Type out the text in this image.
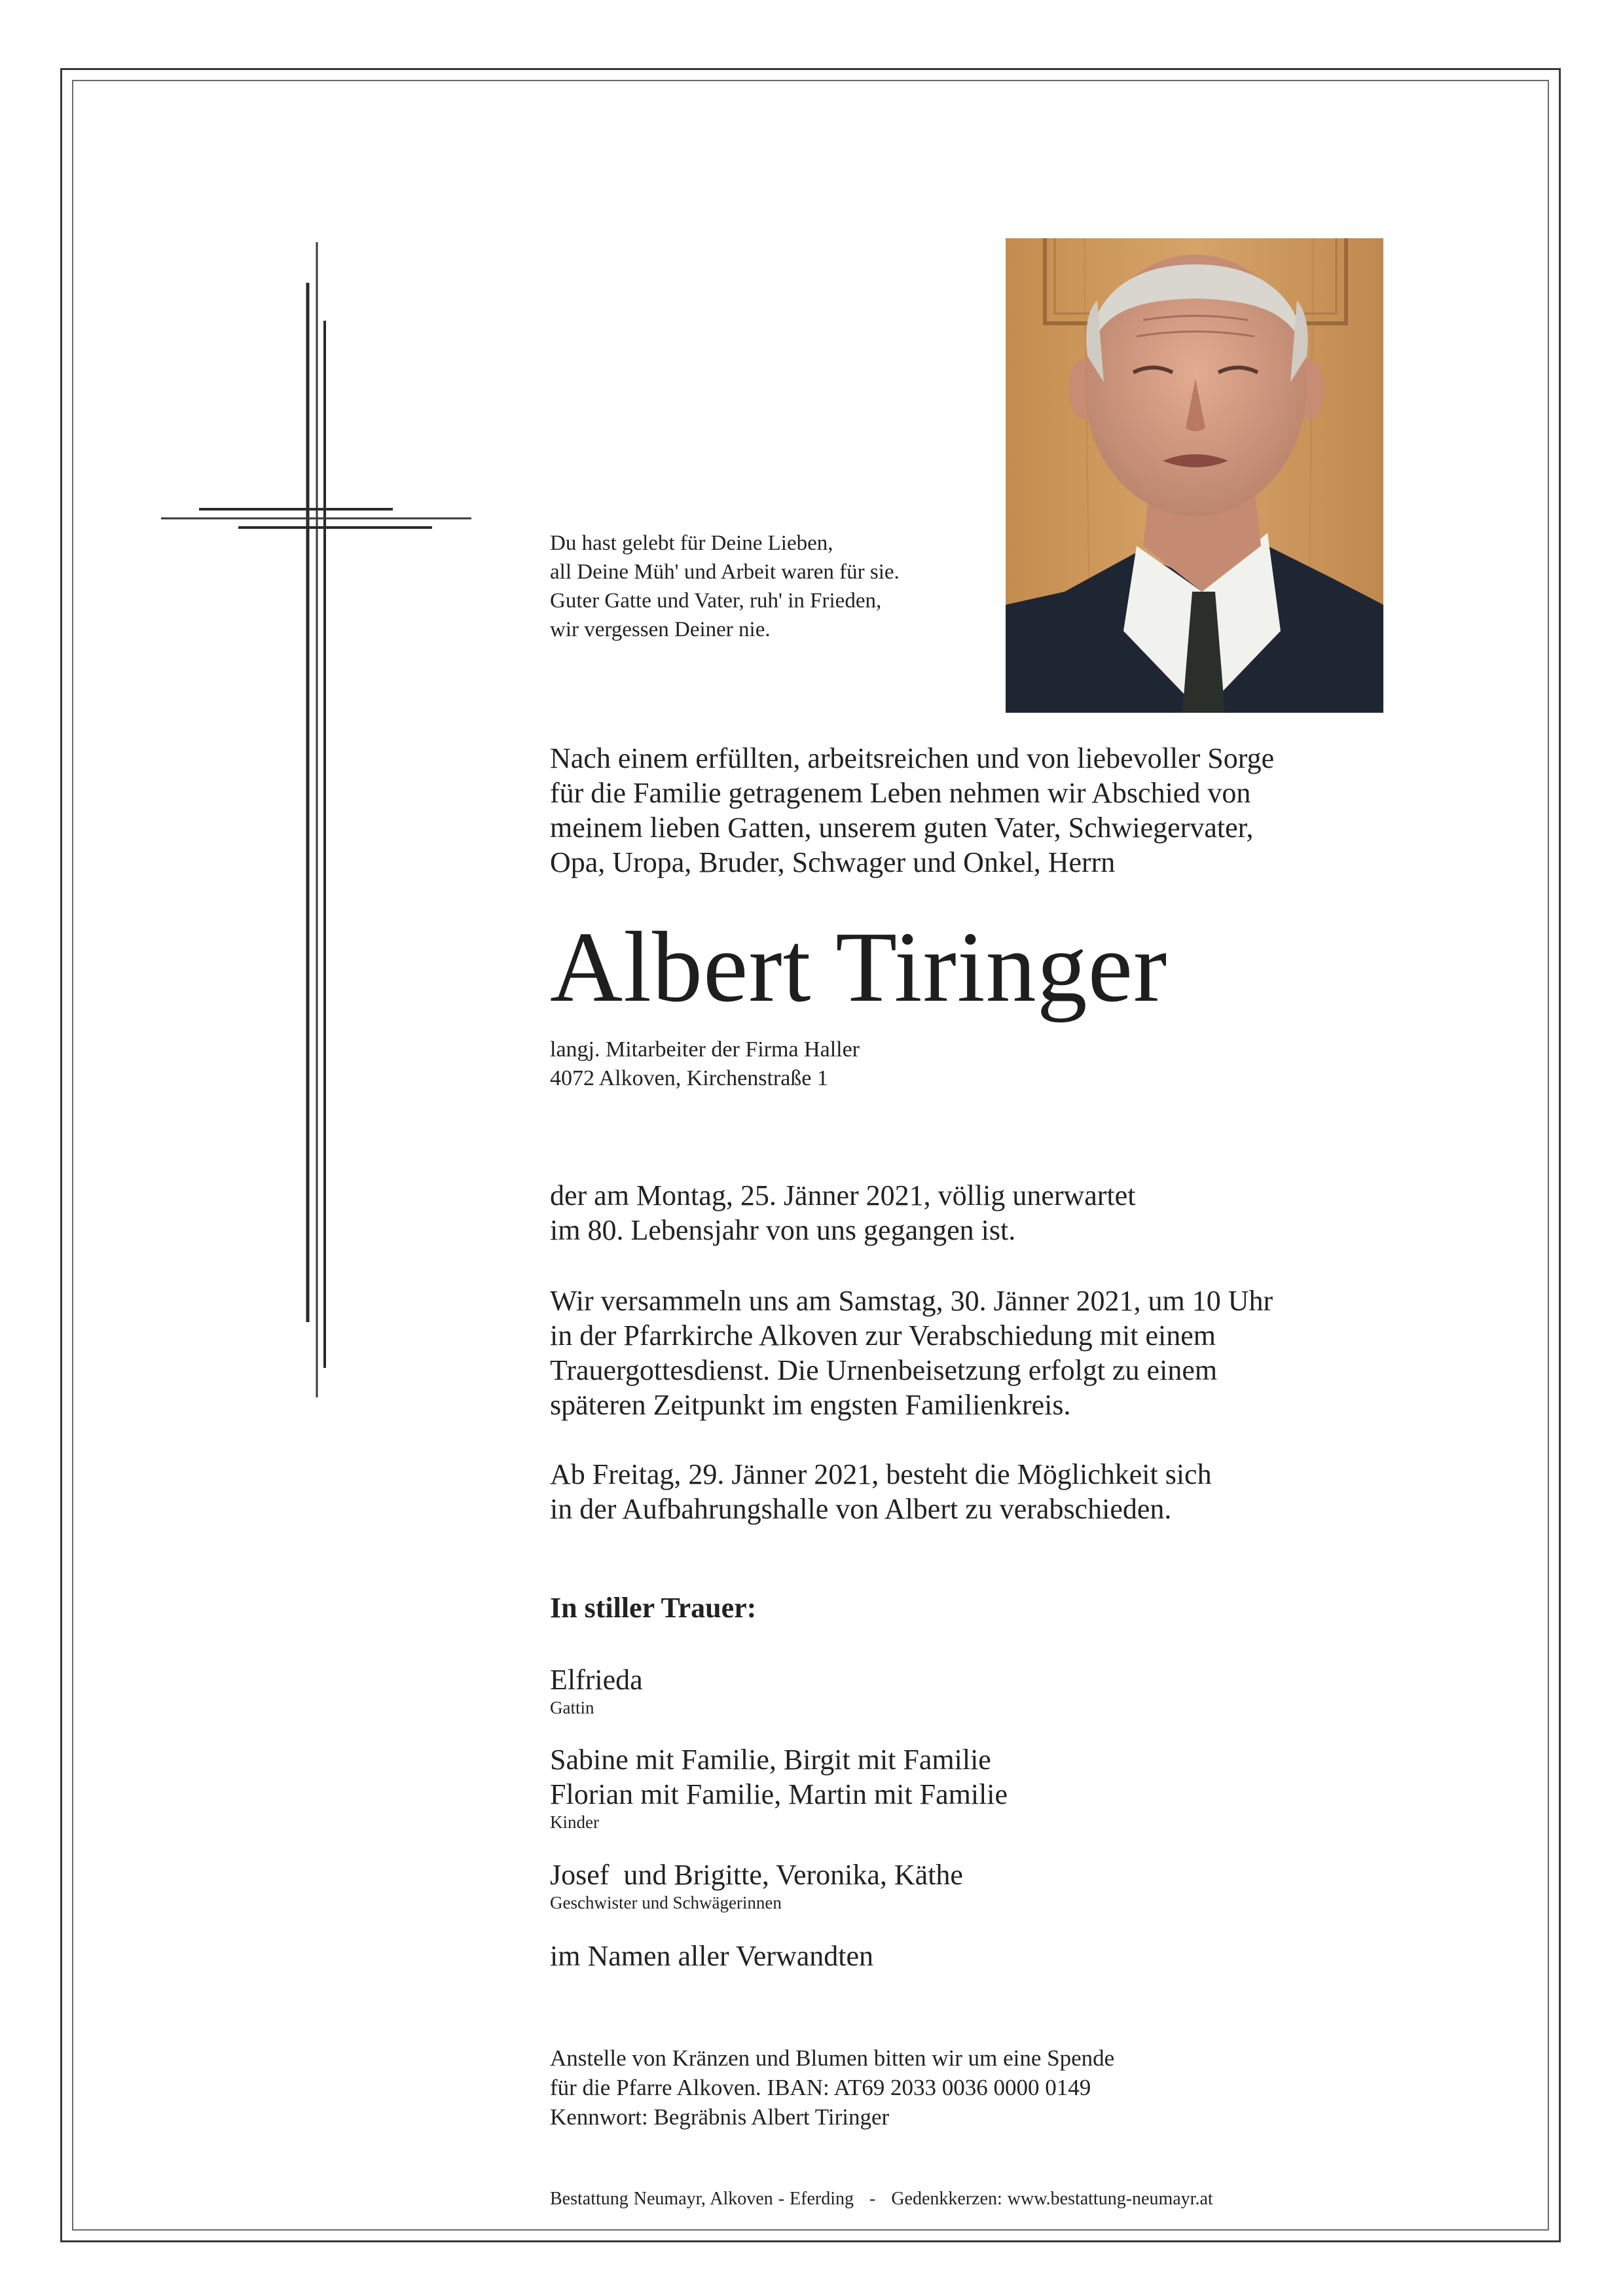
Du hast gelebt für Deine Lieben,
all Deine Müh' und Arbeit waren für sie.
Guter Gatte und Vater, ruh' in Frieden,
wir vergessen Deiner nie.
Nach einem erfüllten, arbeitsreichen und von liebevoller Sorge
für die Familie getragenem Leben nehmen wir Abschied von
meinem lieben Gatten, unserem guten Vater, Schwiegervater,
Opa, Uropa, Bruder, Schwager und Onkel, Herrn
Albert Tiringer
langj. Mitarbeiter der Firma Haller
4072 Alkoven, Kirchenstraße 1
der am Montag, 25. Jänner 2021, völlig unerwartet
im 80. Lebensjahr von uns gegangen ist.
Wir versammeln uns am Samstag, 30. Jänner 2021, um 10 Uhr
in der Pfarrkirche Alkoven zur Verabschiedung mit einem
Trauergottesdienst. Die Urnenbeisetzung erfolgt zu einem
späteren Zeitpunkt im engsten Familienkreis.
Ab Freitag, 29. Jänner 2021, besteht die Möglichkeit sich
in der Aufbahrungshalle von Albert zu verabschieden.
In stiller Trauer:
Elfrieda
Gattin
Sabine mit Familie, Birgit mit Familie
Florian mit Familie, Martin mit Familie
Kinder
Josef  und Brigitte, Veronika, Käthe
Geschwister und Schwägerinnen
im Namen aller Verwandten
Anstelle von Kränzen und Blumen bitten wir um eine Spende
für die Pfarre Alkoven. IBAN: AT69 2033 0036 0000 0149
Kennwort: Begräbnis Albert Tiringer
Bestattung Neumayr, Alkoven - Eferding   -   Gedenkkerzen: www.bestattung-neumayr.at
